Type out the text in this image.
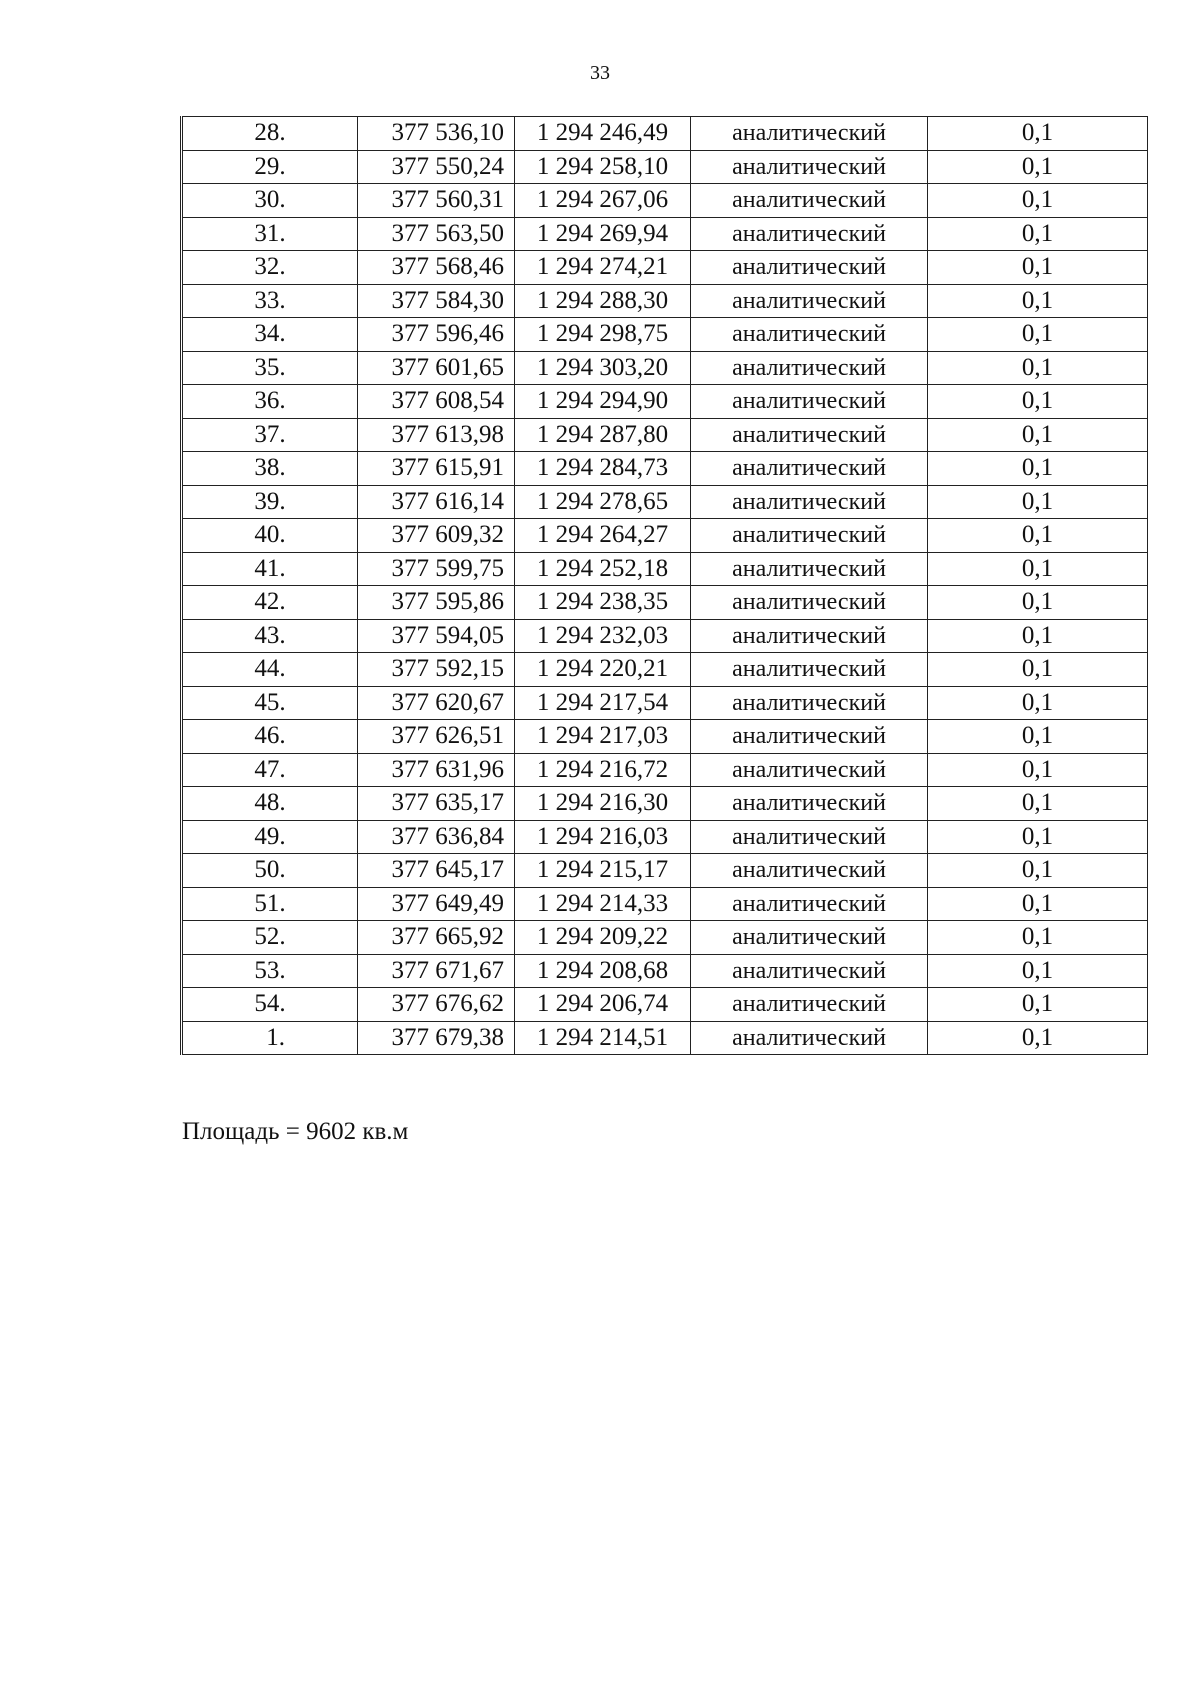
33
28.	377 536,10	1 294 246,49	аналитический	0,1
29.	377 550,24	1 294 258,10	аналитический	0,1
30.	377 560,31	1 294 267,06	аналитический	0,1
31.	377 563,50	1 294 269,94	аналитический	0,1
32.	377 568,46	1 294 274,21	аналитический	0,1
33.	377 584,30	1 294 288,30	аналитический	0,1
34.	377 596,46	1 294 298,75	аналитический	0,1
35.	377 601,65	1 294 303,20	аналитический	0,1
36.	377 608,54	1 294 294,90	аналитический	0,1
37.	377 613,98	1 294 287,80	аналитический	0,1
38.	377 615,91	1 294 284,73	аналитический	0,1
39.	377 616,14	1 294 278,65	аналитический	0,1
40.	377 609,32	1 294 264,27	аналитический	0,1
41.	377 599,75	1 294 252,18	аналитический	0,1
42.	377 595,86	1 294 238,35	аналитический	0,1
43.	377 594,05	1 294 232,03	аналитический	0,1
44.	377 592,15	1 294 220,21	аналитический	0,1
45.	377 620,67	1 294 217,54	аналитический	0,1
46.	377 626,51	1 294 217,03	аналитический	0,1
47.	377 631,96	1 294 216,72	аналитический	0,1
48.	377 635,17	1 294 216,30	аналитический	0,1
49.	377 636,84	1 294 216,03	аналитический	0,1
50.	377 645,17	1 294 215,17	аналитический	0,1
51.	377 649,49	1 294 214,33	аналитический	0,1
52.	377 665,92	1 294 209,22	аналитический	0,1
53.	377 671,67	1 294 208,68	аналитический	0,1
54.	377 676,62	1 294 206,74	аналитический	0,1
1.	377 679,38	1 294 214,51	аналитический	0,1
Площадь = 9602 кв.м
